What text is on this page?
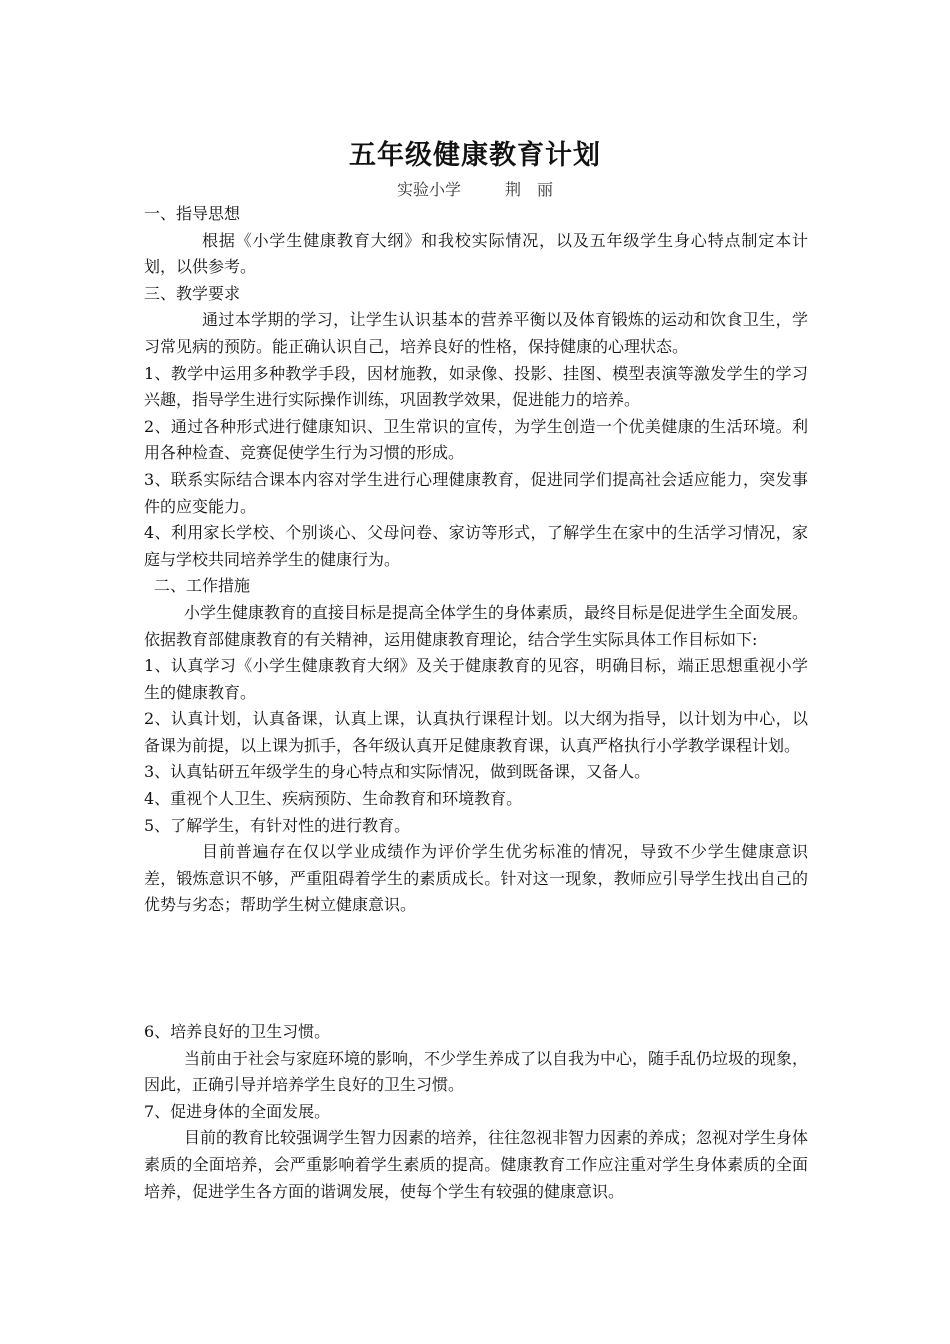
五年级健康教育计划

实验小学	荆　丽

一、指导思想

根据《小学生健康教育大纲》和我校实际情况，以及五年级学生身心特点制定本计划，以供参考。

三、教学要求

通过本学期的学习，让学生认识基本的营养平衡以及体育锻炼的运动和饮食卫生，学习常见病的预防。能正确认识自己，培养良好的性格，保持健康的心理状态。

1、教学中运用多种教学手段，因材施教，如录像、投影、挂图、模型表演等激发学生的学习兴趣，指导学生进行实际操作训练，巩固教学效果，促进能力的培养。

2、通过各种形式进行健康知识、卫生常识的宣传，为学生创造一个优美健康的生活环境。利用各种检查、竞赛促使学生行为习惯的形成。

3、联系实际结合课本内容对学生进行心理健康教育，促进同学们提高社会适应能力，突发事件的应变能力。

4、利用家长学校、个别谈心、父母问卷、家访等形式，了解学生在家中的生活学习情况，家庭与学校共同培养学生的健康行为。

二、工作措施

小学生健康教育的直接目标是提高全体学生的身体素质，最终目标是促进学生全面发展。依据教育部健康教育的有关精神，运用健康教育理论，结合学生实际具体工作目标如下:

1、认真学习《小学生健康教育大纲》及关于健康教育的见容，明确目标，端正思想重视小学生的健康教育。

2、认真计划，认真备课，认真上课，认真执行课程计划。以大纲为指导，以计划为中心，以备课为前提，以上课为抓手，各年级认真开足健康教育课，认真严格执行小学教学课程计划。

3、认真钻研五年级学生的身心特点和实际情况，做到既备课，又备人。

4、重视个人卫生、疾病预防、生命教育和环境教育。

5、了解学生，有针对性的进行教育。

目前普遍存在仅以学业成绩作为评价学生优劣标准的情况，导致不少学生健康意识差，锻炼意识不够，严重阻碍着学生的素质成长。针对这一现象，教师应引导学生找出自己的优势与劣态；帮助学生树立健康意识。

6、培养良好的卫生习惯。

当前由于社会与家庭环境的影响，不少学生养成了以自我为中心，随手乱仍垃圾的现象，因此，正确引导并培养学生良好的卫生习惯。

7、促进身体的全面发展。

目前的教育比较强调学生智力因素的培养，往往忽视非智力因素的养成；忽视对学生身体素质的全面培养，会严重影响着学生素质的提高。健康教育工作应注重对学生身体素质的全面培养，促进学生各方面的谐调发展，使每个学生有较强的健康意识。
